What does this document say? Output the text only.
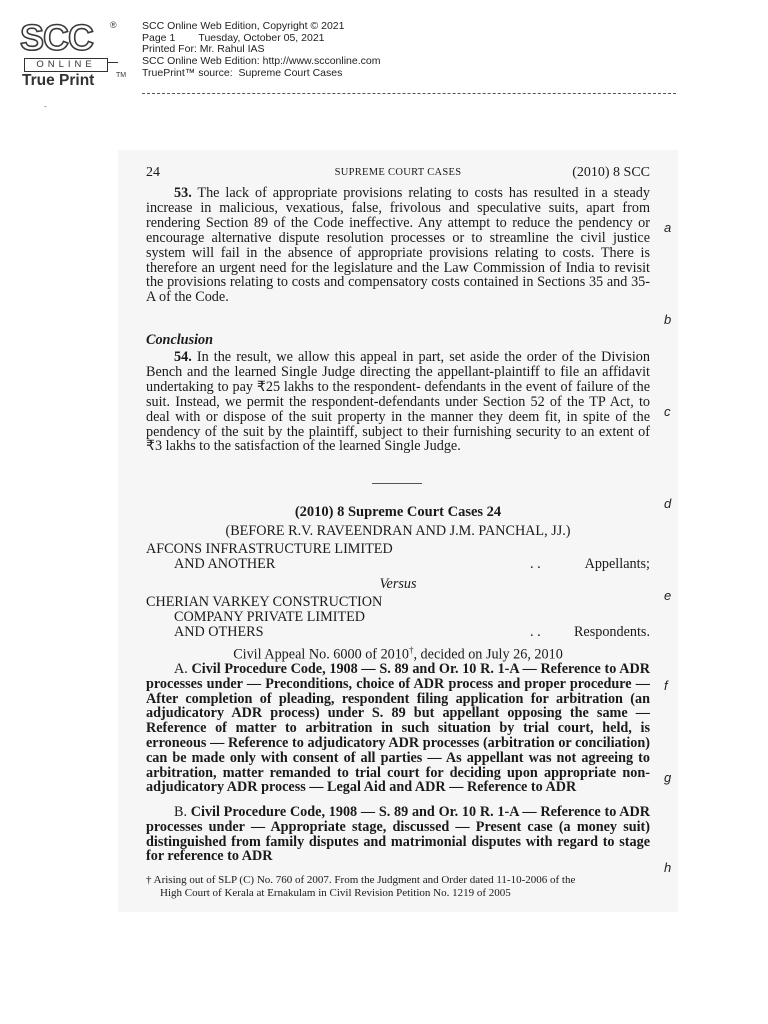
SCC ®
ONLINE
True Print	TM
-
SCC Online Web Edition, Copyright © 2021
Page 1        Tuesday, October 05, 2021
Printed For: Mr. Rahul IAS
SCC Online Web Edition: http://www.scconline.com
TruePrint™ source:  Supreme Court Cases
24	SUPREME COURT CASES	(2010) 8 SCC
53. The lack of appropriate provisions relating to costs has resulted in a steady increase in malicious, vexatious, false, frivolous and speculative suits, apart from rendering Section 89 of the Code ineffective. Any attempt to reduce the pendency or encourage alternative dispute resolution processes or to streamline the civil justice system will fail in the absence of appropriate provisions relating to costs. There is therefore an urgent need for the legislature and the Law Commission of India to revisit the provisions relating to costs and compensatory costs contained in Sections 35 and 35-A of the Code.
Conclusion
54. In the result, we allow this appeal in part, set aside the order of the Division Bench and the learned Single Judge directing the appellant-plaintiff to file an affidavit undertaking to pay ₹25 lakhs to the respondent- defendants in the event of failure of the suit. Instead, we permit the respondent-defendants under Section 52 of the TP Act, to deal with or dispose of the suit property in the manner they deem fit, in spite of the pendency of the suit by the plaintiff, subject to their furnishing security to an extent of ₹3 lakhs to the satisfaction of the learned Single Judge.
(2010) 8 Supreme Court Cases 24
(BEFORE R.V. RAVEENDRAN AND J.M. PANCHAL, JJ.)
AFCONS INFRASTRUCTURE LIMITED
AND ANOTHER	. .	Appellants;
Versus
CHERIAN VARKEY CONSTRUCTION
COMPANY PRIVATE LIMITED
AND OTHERS	. . Respondents.
Civil Appeal No. 6000 of 2010†, decided on July 26, 2010
A. Civil Procedure Code, 1908 — S. 89 and Or. 10 R. 1-A — Reference to ADR processes under — Preconditions, choice of ADR process and proper procedure — After completion of pleading, respondent filing application for arbitration (an adjudicatory ADR process) under S. 89 but appellant opposing the same — Reference of matter to arbitration in such situation by trial court, held, is erroneous — Reference to adjudicatory ADR processes (arbitration or conciliation) can be made only with consent of all parties — As appellant was not agreeing to arbitration, matter remanded to trial court for deciding upon appropriate non-adjudicatory ADR process — Legal Aid and ADR — Reference to ADR
B. Civil Procedure Code, 1908 — S. 89 and Or. 10 R. 1-A — Reference to ADR processes under — Appropriate stage, discussed — Present case (a money suit) distinguished from family disputes and matrimonial disputes with regard to stage for reference to ADR
† Arising out of SLP (C) No. 760 of 2007. From the Judgment and Order dated 11-10-2006 of the
High Court of Kerala at Ernakulam in Civil Revision Petition No. 1219 of 2005
a
b
c
d
e
f
g
h
